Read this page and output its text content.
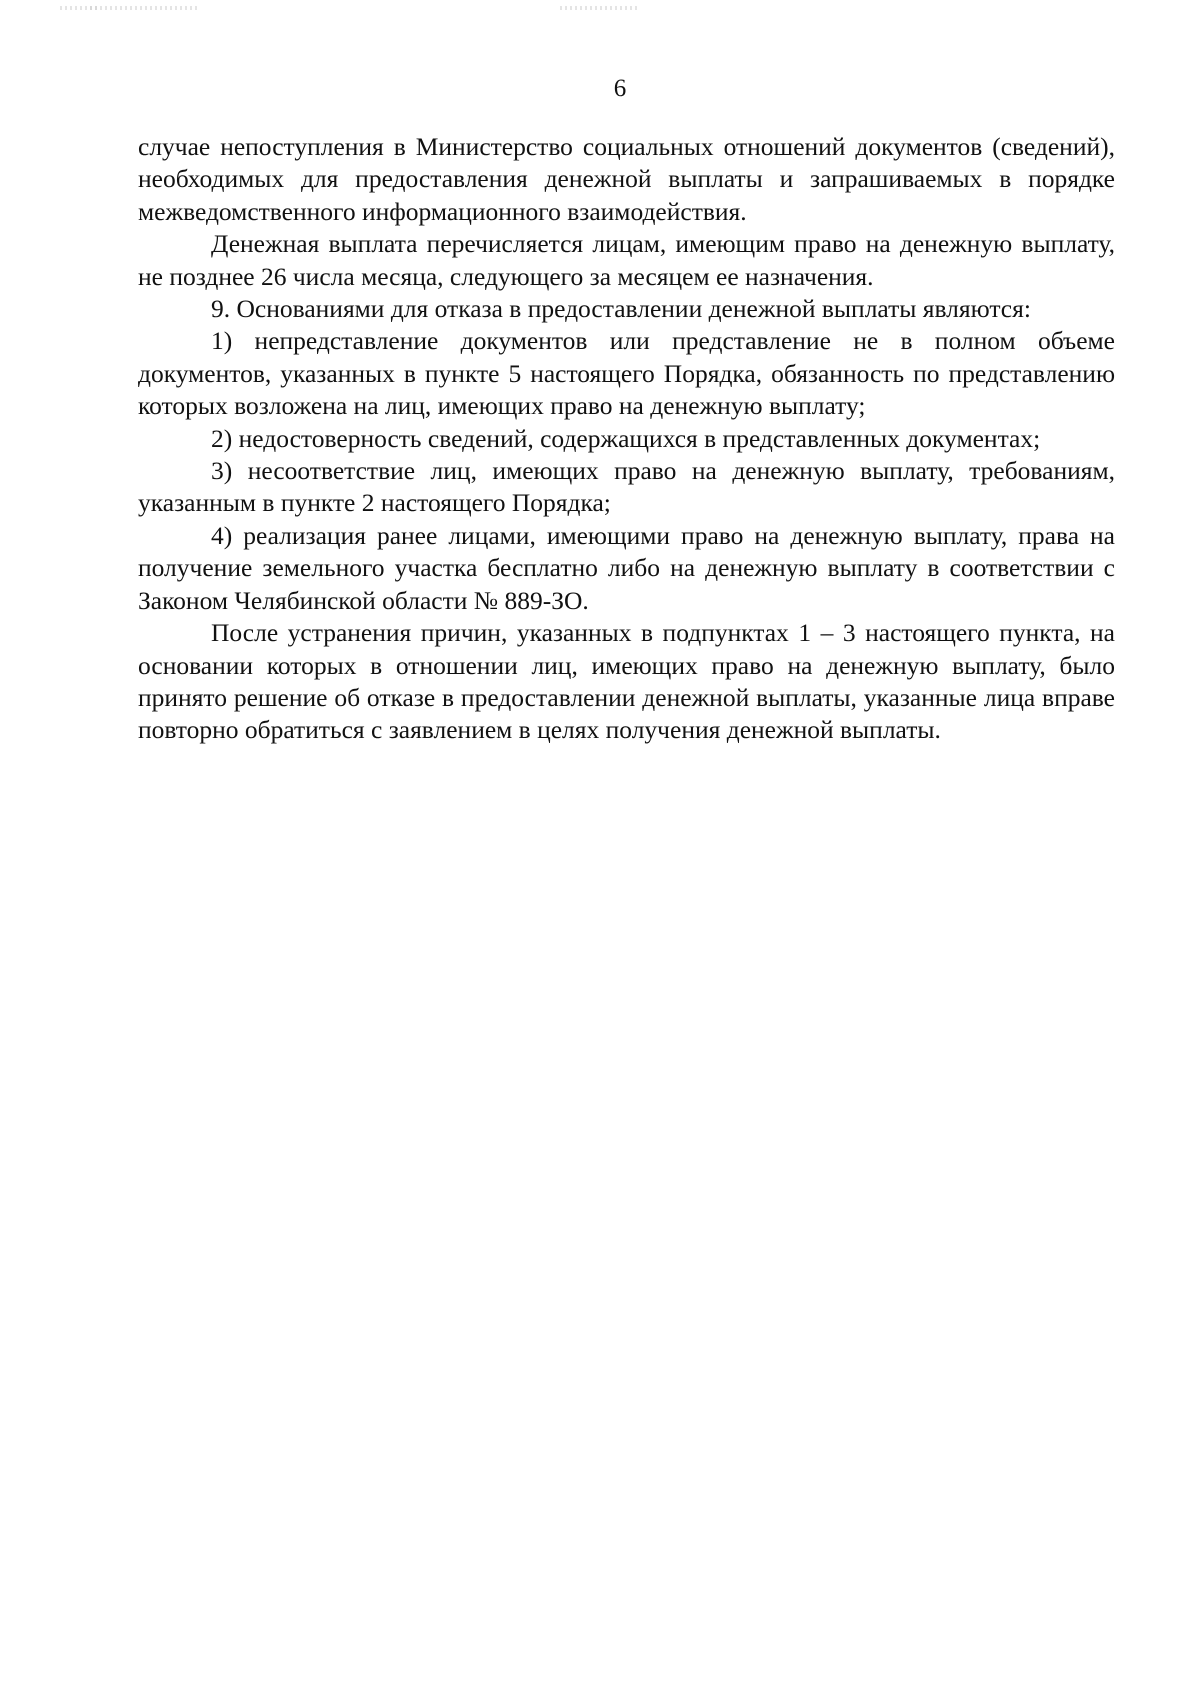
6

случае непоступления в Министерство социальных отношений документов (сведений), необходимых для предоставления денежной выплаты и запрашиваемых в порядке межведомственного информационного взаимодействия.

Денежная выплата перечисляется лицам, имеющим право на денежную выплату, не позднее 26 числа месяца, следующего за месяцем ее назначения.

9. Основаниями для отказа в предоставлении денежной выплаты являются:

1) непредставление документов или представление не в полном объеме документов, указанных в пункте 5 настоящего Порядка, обязанность по представлению которых возложена на лиц, имеющих право на денежную выплату;

2) недостоверность сведений, содержащихся в представленных документах;

3) несоответствие лиц, имеющих право на денежную выплату, требованиям, указанным в пункте 2 настоящего Порядка;

4) реализация ранее лицами, имеющими право на денежную выплату, права на получение земельного участка бесплатно либо на денежную выплату в соответствии с Законом Челябинской области № 889-ЗО.

После устранения причин, указанных в подпунктах 1 – 3 настоящего пункта, на основании которых в отношении лиц, имеющих право на денежную выплату, было принято решение об отказе в предоставлении денежной выплаты, указанные лица вправе повторно обратиться с заявлением в целях получения денежной выплаты.
